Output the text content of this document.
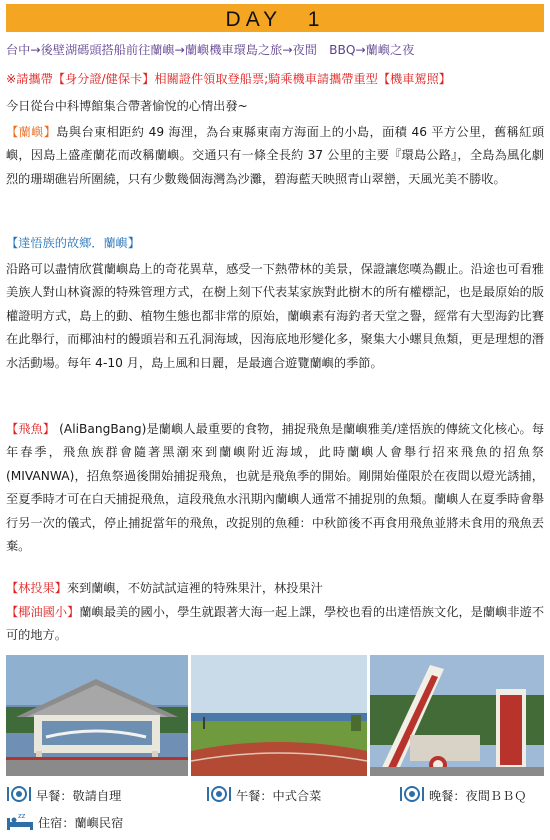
DAY　1
台中→後壁湖碼頭搭船前往蘭嶼→蘭嶼機車環島之旅→夜間　BBQ→蘭嶼之夜
※請攜帶【身分證/健保卡】相關證件領取登船票;騎乘機車請攜帶重型【機車駕照】
今日從台中科博館集合帶著愉悅的心情出發~
【蘭嶼】島與台東相距約 49 海浬，為台東縣東南方海面上的小島，面積 46 平方公里，舊稱紅頭嶼，因島上盛產蘭花而改稱蘭嶼。交通只有一條全長約 37 公里的主要『環島公路』，全島為風化劇烈的珊瑚礁岩所圍繞，只有少數幾個海灣為沙灘，碧海藍天映照青山翠巒，天風光美不勝收。
【達悟族的故鄉．蘭嶼】
沿路可以盡情欣賞蘭嶼島上的奇花異草，感受一下熱帶林的美景，保證讓您嘆為觀止。沿途也可看雅美族人對山林資源的特殊管理方式，在樹上刻下代表某家族對此樹木的所有權標記，也是最原始的版權證明方式，島上的動、植物生態也都非常的原始，蘭嶼素有海釣者天堂之譽，經常有大型海釣比賽在此舉行，而椰油村的饅頭岩和五孔洞海域，因海底地形變化多，聚集大小螺貝魚類，更是理想的潛水活動場。每年 4-10 月，島上風和日麗，是最適合遊覽蘭嶼的季節。
【飛魚】 (AliBangBang)是蘭嶼人最重要的食物，捕捉飛魚是蘭嶼雅美/達悟族的傳統文化核心。每年春季，飛魚族群會隨著黑潮來到蘭嶼附近海域，此時蘭嶼人會舉行招來飛魚的招魚祭 (MIVANWA)，招魚祭過後開始捕捉飛魚，也就是飛魚季的開始。剛開始僅限於在夜間以燈光誘捕，至夏季時才可在白天捕捉飛魚，這段飛魚水汛期內蘭嶼人通常不捕捉別的魚類。蘭嶼人在夏季時會舉行另一次的儀式，停止捕捉當年的飛魚，改捉別的魚種：中秋節後不再食用飛魚並將未食用的飛魚丟棄。
【林投果】來到蘭嶼，不妨試試這裡的特殊果汁，林投果汁
【椰油國小】蘭嶼最美的國小，學生就跟著大海一起上課，學校也看的出達悟族文化，是蘭嶼非遊不可的地方。
早餐：敬請自理	午餐：中式合菜	晚餐：夜間ＢＢＱ
zz 住宿：蘭嶼民宿
